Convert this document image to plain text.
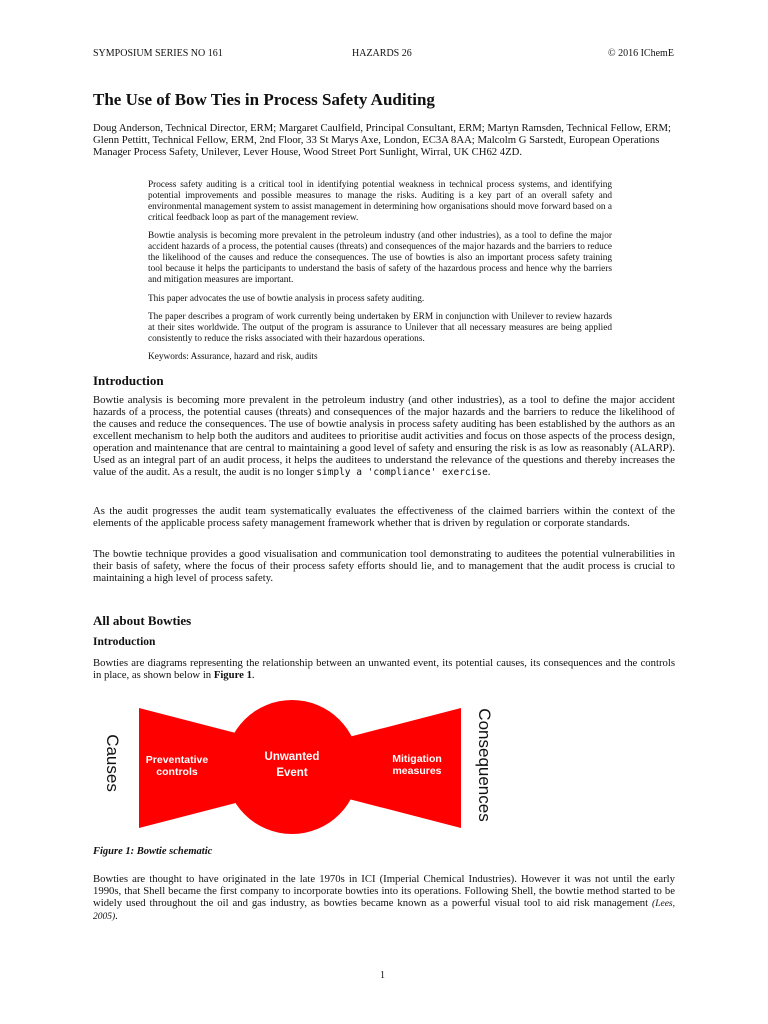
SYMPOSIUM SERIES NO 161	HAZARDS 26	© 2016 IChemE
The Use of Bow Ties in Process Safety Auditing

Doug Anderson, Technical Director, ERM; Margaret Caulfield, Principal Consultant, ERM; Martyn Ramsden, Technical Fellow, ERM; Glenn Pettitt, Technical Fellow, ERM, 2nd Floor, 33 St Marys Axe, London, EC3A 8AA; Malcolm G Sarstedt, European Operations Manager Process Safety, Unilever, Lever House, Wood Street Port Sunlight, Wirral, UK CH62 4ZD.

Process safety auditing is a critical tool in identifying potential weakness in technical process systems, and identifying potential improvements and possible measures to manage the risks. Auditing is a key part of an overall safety and environmental management system to assist management in determining how organisations should move forward based on a critical feedback loop as part of the management review.

Bowtie analysis is becoming more prevalent in the petroleum industry (and other industries), as a tool to define the major accident hazards of a process, the potential causes (threats) and consequences of the major hazards and the barriers to reduce the likelihood of the causes and reduce the consequences. The use of bowties is also an important process safety training tool because it helps the participants to understand the basis of safety of the hazardous process and hence why the barriers and mitigation measures are important.

This paper advocates the use of bowtie analysis in process safety auditing.

The paper describes a program of work currently being undertaken by ERM in conjunction with Unilever to review hazards at their sites worldwide. The output of the program is assurance to Unilever that all necessary measures are being applied consistently to reduce the risks associated with their hazardous operations.

Keywords: Assurance, hazard and risk, audits

Introduction

Bowtie analysis is becoming more prevalent in the petroleum industry (and other industries), as a tool to define the major accident hazards of a process, the potential causes (threats) and consequences of the major hazards and the barriers to reduce the likelihood of the causes and reduce the consequences. The use of bowtie analysis in process safety auditing has been established by the authors as an excellent mechanism to help both the auditors and auditees to prioritise audit activities and focus on those aspects of the process design, operation and maintenance that are central to maintaining a good level of safety and ensuring the risk is as low as reasonably (ALARP). Used as an integral part of an audit process, it helps the auditees to understand the relevance of the questions and thereby increases the value of the audit. As a result, the audit is no longer simply a 'compliance' exercise.

As the audit progresses the audit team systematically evaluates the effectiveness of the claimed barriers within the context of the elements of the applicable process safety management framework whether that is driven by regulation or corporate standards.

The bowtie technique provides a good visualisation and communication tool demonstrating to auditees the potential vulnerabilities in their basis of safety, where the focus of their process safety efforts should lie, and to management that the audit process is crucial to maintaining a high level of process safety.

All about Bowties
Introduction

Bowties are diagrams representing the relationship between an unwanted event, its potential causes, its consequences and the controls in place, as shown below in Figure 1.

Causes Preventative
controls
Unwanted
Event
Mitigation
measures Consequences

Figure 1: Bowtie schematic

Bowties are thought to have originated in the late 1970s in ICI (Imperial Chemical Industries). However it was not until the early 1990s, that Shell became the first company to incorporate bowties into its operations. Following Shell, the bowtie method started to be widely used throughout the oil and gas industry, as bowties became known as a powerful visual tool to aid risk management (Lees, 2005).

1
